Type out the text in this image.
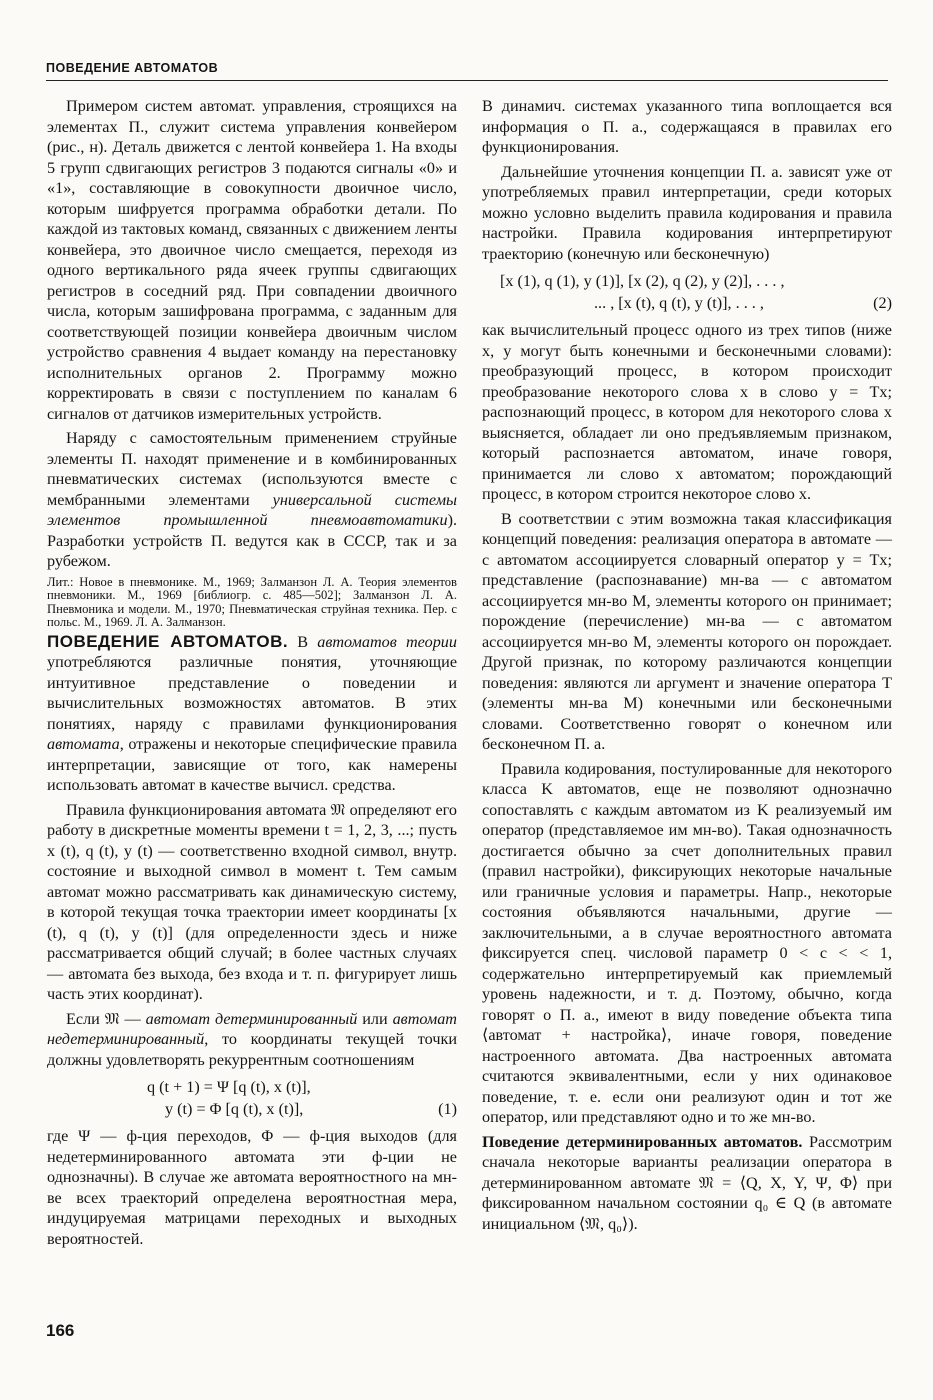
ПОВЕДЕНИЕ АВТОМАТОВ

Примером систем автомат. управления, строящихся на элементах П., служит система управления конвейером (рис., н). Деталь движется с лентой конвейера 1. На входы 5 групп сдвигающих регистров 3 подаются сигналы «0» и «1», составляющие в совокупности двоичное число, которым шифруется программа обработки детали. По каждой из тактовых команд, связанных с движением ленты конвейера, это двоичное число смещается, переходя из одного вертикального ряда ячеек группы сдвигающих регистров в соседний ряд. При совпадении двоичного числа, которым зашифрована программа, с заданным для соответствующей позиции конвейера двоичным числом устройство сравнения 4 выдает команду на перестановку исполнительных органов 2. Программу можно корректировать в связи с поступлением по каналам 6 сигналов от датчиков измерительных устройств.

Наряду с самостоятельным применением струйные элементы П. находят применение и в комбинированных пневматических системах (используются вместе с мембранными элементами универсальной системы элементов промышленной пневмоавтоматики). Разработки устройств П. ведутся как в СССР, так и за рубежом.

Лит.: Новое в пневмонике. М., 1969; Залманзон Л. А. Теория элементов пневмоники. М., 1969 [библиогр. с. 485—502]; Залманзон Л. А. Пневмоника и модели. М., 1970; Пневматическая струйная техника. Пер. с польс. М., 1969. Л. А. Залманзон.

ПОВЕДЕНИЕ АВТОМАТОВ. В автоматов теории употребляются различные понятия, уточняющие интуитивное представление о поведении и вычислительных возможностях автоматов. В этих понятиях, наряду с правилами функционирования автомата, отражены и некоторые специфические правила интерпретации, зависящие от того, как намерены использовать автомат в качестве вычисл. средства.

Правила функционирования автомата 𝔐 определяют его работу в дискретные моменты времени t = 1, 2, 3, ...; пусть x (t), q (t), y (t) — соответственно входной символ, внутр. состояние и выходной символ в момент t. Тем самым автомат можно рассматривать как динамическую систему, в которой текущая точка траектории имеет координаты [x (t), q (t), y (t)] (для определенности здесь и ниже рассматривается общий случай; в более частных случаях — автомата без выхода, без входа и т. п. фигурирует лишь часть этих координат).

Если 𝔐 — автомат детерминированный или автомат недетерминированный, то координаты текущей точки должны удовлетворять рекуррентным соотношениям

q (t + 1) = Ψ [q (t), x (t)],
y (t) = Φ [q (t), x (t)],	(1)

где Ψ — ф-ция переходов, Φ — ф-ция выходов (для недетерминированного автомата эти ф-ции не однозначны). В случае же автомата вероятностного на мн-ве всех траекторий определена вероятностная мера, индуцируемая матрицами переходных и выходных вероятностей.

В динамич. системах указанного типа воплощается вся информация о П. а., содержащаяся в правилах его функционирования.

Дальнейшие уточнения концепции П. а. зависят уже от употребляемых правил интерпретации, среди которых можно условно выделить правила кодирования и правила настройки. Правила кодирования интерпретируют траекторию (конечную или бесконечную)

[x (1), q (1), y (1)], [x (2), q (2), y (2)], . . . ,
... , [x (t), q (t), y (t)], . . . ,	(2)

как вычислительный процесс одного из трех типов (ниже x, y могут быть конечными и бесконечными словами): преобразующий процесс, в котором происходит преобразование некоторого слова x в слово y = Tx; распознающий процесс, в котором для некоторого слова x выясняется, обладает ли оно предъявляемым признаком, который распознается автоматом, иначе говоря, принимается ли слово x автоматом; порождающий процесс, в котором строится некоторое слово x.

В соответствии с этим возможна такая классификация концепций поведения: реализация оператора в автомате — с автоматом ассоциируется словарный оператор y = Tx; представление (распознавание) мн-ва — с автоматом ассоциируется мн-во M, элементы которого он принимает; порождение (перечисление) мн-ва — с автоматом ассоциируется мн-во M, элементы которого он порождает. Другой признак, по которому различаются концепции поведения: являются ли аргумент и значение оператора T (элементы мн-ва M) конечными или бесконечными словами. Соответственно говорят о конечном или бесконечном П. а.

Правила кодирования, постулированные для некоторого класса K автоматов, еще не позволяют однозначно сопоставлять с каждым автоматом из K реализуемый им оператор (представляемое им мн-во). Такая однозначность достигается обычно за счет дополнительных правил (правил настройки), фиксирующих некоторые начальные или граничные условия и параметры. Напр., некоторые состояния объявляются начальными, другие — заключительными, а в случае вероятностного автомата фиксируется спец. числовой параметр 0 < c < < 1, содержательно интерпретируемый как приемлемый уровень надежности, и т. д. Поэтому, обычно, когда говорят о П. а., имеют в виду поведение объекта типа ⟨автомат + настройка⟩, иначе говоря, поведение настроенного автомата. Два настроенных автомата считаются эквивалентными, если у них одинаковое поведение, т. е. если они реализуют один и тот же оператор, или представляют одно и то же мн-во.

Поведение детерминированных автоматов. Рассмотрим сначала некоторые варианты реализации оператора в детерминированном автомате 𝔐 = ⟨Q, X, Y, Ψ, Φ⟩ при фиксированном начальном состоянии q₀ ∈ Q (в автомате инициальном ⟨𝔐, q₀⟩).

166
